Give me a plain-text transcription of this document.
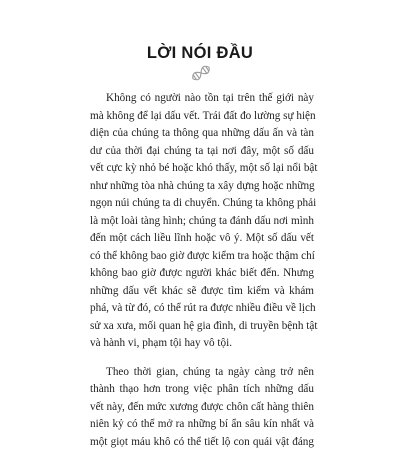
LỜI NÓI ĐẦU

Không có người nào tồn tại trên thế giới này
mà không để lại dấu vết. Trái đất đo lường sự hiện
diện của chúng ta thông qua những dấu ấn và tàn
dư của thời đại chúng ta tại nơi đây, một số dấu
vết cực kỳ nhỏ bé hoặc khó thấy, một số lại nổi bật
như những tòa nhà chúng ta xây dựng hoặc những
ngọn núi chúng ta di chuyển. Chúng ta không phải
là một loài tàng hình; chúng ta đánh dấu nơi mình
đến một cách liều lĩnh hoặc vô ý. Một số dấu vết
có thể không bao giờ được kiểm tra hoặc thậm chí
không bao giờ được người khác biết đến. Nhưng
những dấu vết khác sẽ được tìm kiếm và khám
phá, và từ đó, có thể rút ra được nhiều điều về lịch
sử xa xưa, mối quan hệ gia đình, di truyền bệnh tật
và hành vi, phạm tội hay vô tội.

Theo thời gian, chúng ta ngày càng trở nên
thành thạo hơn trong việc phân tích những dấu
vết này, đến mức xương được chôn cất hàng thiên
niên kỷ có thể mở ra những bí ẩn sâu kín nhất và
một giọt máu khô có thể tiết lộ con quái vật đáng
